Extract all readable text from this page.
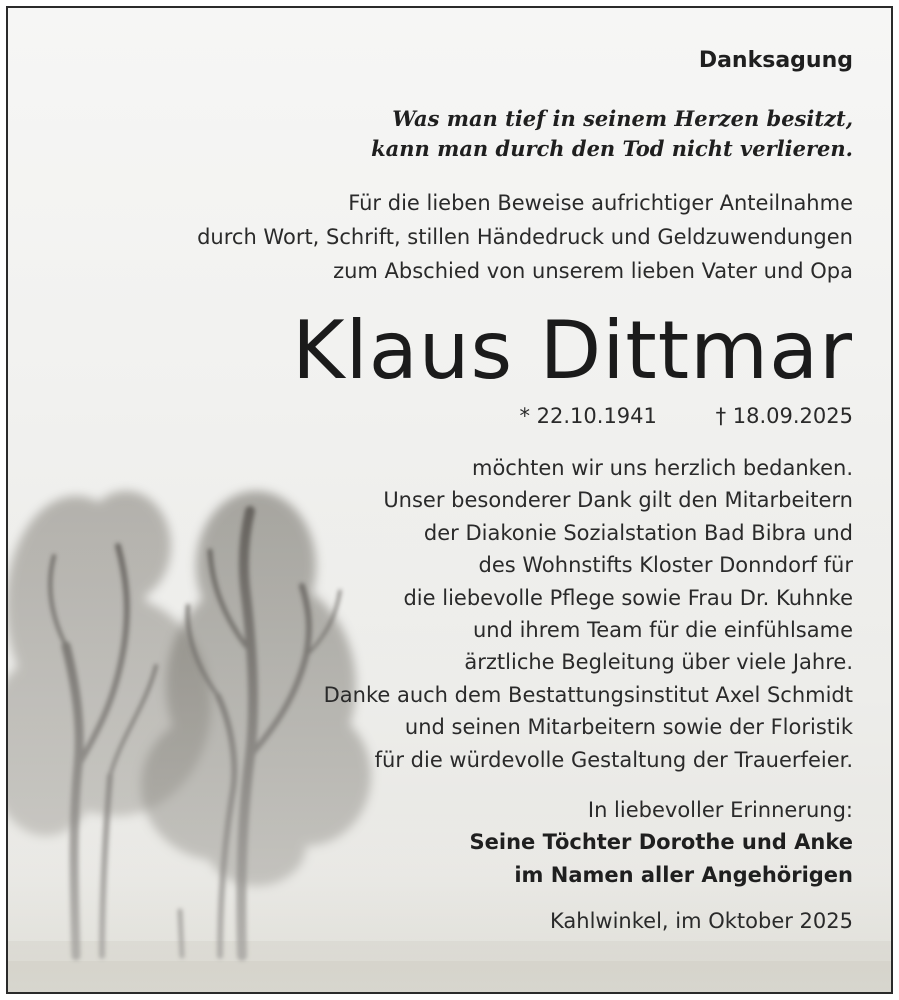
Danksagung
Was man tief in seinem Herzen besitzt,
kann man durch den Tod nicht verlieren.
Für die lieben Beweise aufrichtiger Anteilnahme
durch Wort, Schrift, stillen Händedruck und Geldzuwendungen
zum Abschied von unserem lieben Vater und Opa
Klaus Dittmar
* 22.10.1941	† 18.09.2025
möchten wir uns herzlich bedanken.
Unser besonderer Dank gilt den Mitarbeitern
der Diakonie Sozialstation Bad Bibra und
des Wohnstifts Kloster Donndorf für
die liebevolle Pflege sowie Frau Dr. Kuhnke
und ihrem Team für die einfühlsame
ärztliche Begleitung über viele Jahre.
Danke auch dem Bestattungsinstitut Axel Schmidt
und seinen Mitarbeitern sowie der Floristik
für die würdevolle Gestaltung der Trauerfeier.
In liebevoller Erinnerung:
Seine Töchter Dorothe und Anke
im Namen aller Angehörigen
Kahlwinkel, im Oktober 2025
